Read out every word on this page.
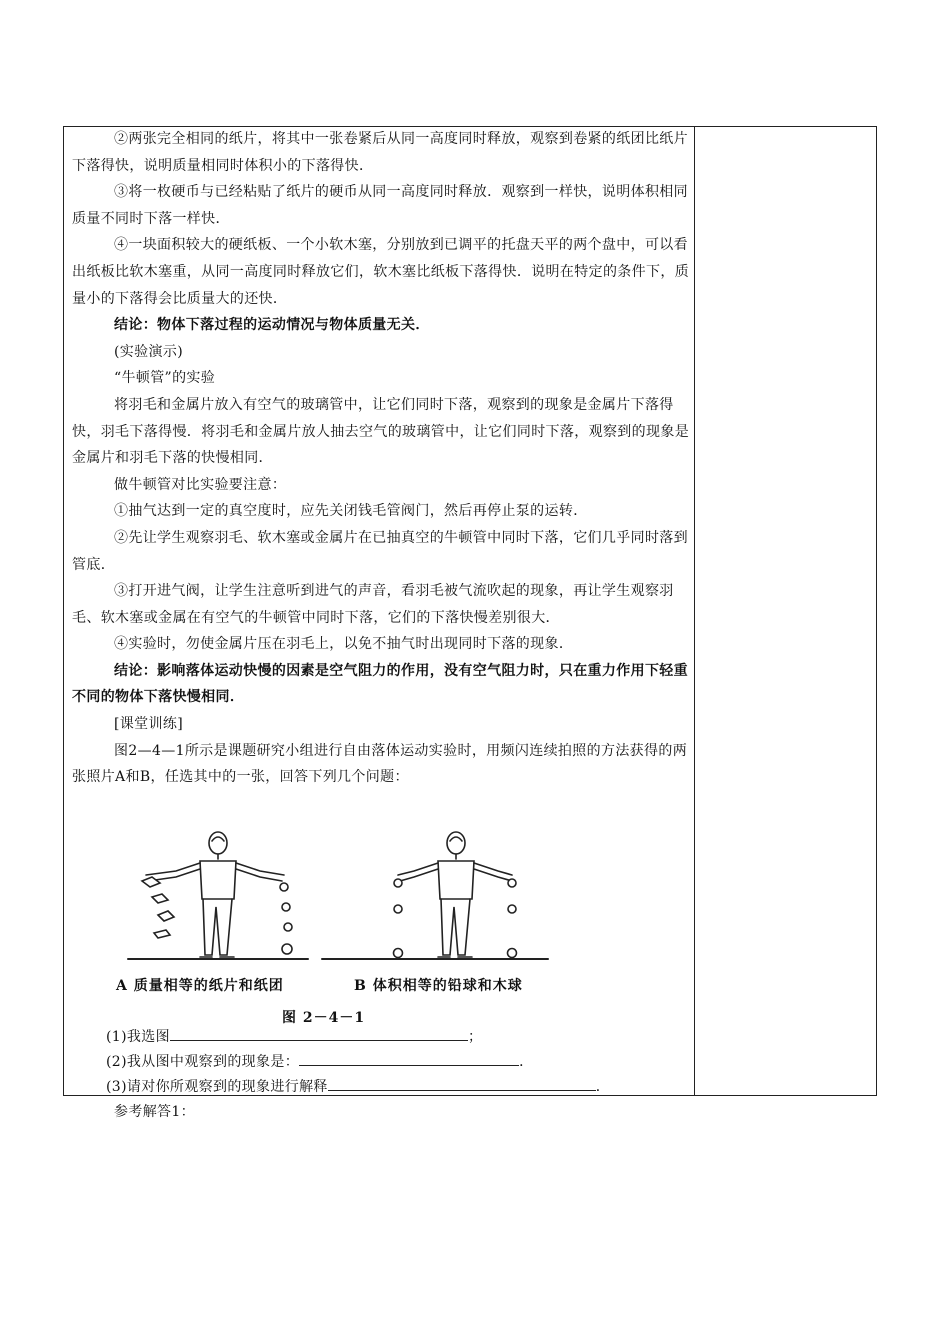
②两张完全相同的纸片，将其中一张卷紧后从同一高度同时释放，观察到卷紧的纸团比纸片下落得快，说明质量相同时体积小的下落得快．

③将一枚硬币与已经粘贴了纸片的硬币从同一高度同时释放．观察到一样快，说明体积相同质量不同时下落一样快．

④一块面积较大的硬纸板、一个小软木塞，分别放到已调平的托盘天平的两个盘中，可以看出纸板比软木塞重，从同一高度同时释放它们，软木塞比纸板下落得快．说明在特定的条件下，质量小的下落得会比质量大的还快．

结论：物体下落过程的运动情况与物体质量无关．

(实验演示)

“牛顿管”的实验

将羽毛和金属片放入有空气的玻璃管中，让它们同时下落，观察到的现象是金属片下落得快，羽毛下落得慢．将羽毛和金属片放人抽去空气的玻璃管中，让它们同时下落，观察到的现象是金属片和羽毛下落的快慢相同．

做牛顿管对比实验要注意：

①抽气达到一定的真空度时，应先关闭钱毛管阀门，然后再停止泵的运转．

②先让学生观察羽毛、软木塞或金属片在已抽真空的牛顿管中同时下落，它们几乎同时落到管底．

③打开进气阀，让学生注意听到进气的声音，看羽毛被气流吹起的现象，再让学生观察羽毛、软木塞或金属在有空气的牛顿管中同时下落，它们的下落快慢差别很大．

④实验时，勿使金属片压在羽毛上，以免不抽气时出现同时下落的现象．

结论：影响落体运动快慢的因素是空气阻力的作用，没有空气阻力时，只在重力作用下轻重不同的物体下落快慢相同．

[课堂训练]

图2—4—1所示是课题研究小组进行自由落体运动实验时，用频闪连续拍照的方法获得的两张照片A和B，任选其中的一张，回答下列几个问题：

A 质量相等的纸片和纸团	B 体积相等的铅球和木球
图 2－4－1
(1)我选图	；
(2)我从图中观察到的现象是：	．
(3)请对你所观察到的现象进行解释	．
参考解答1：
